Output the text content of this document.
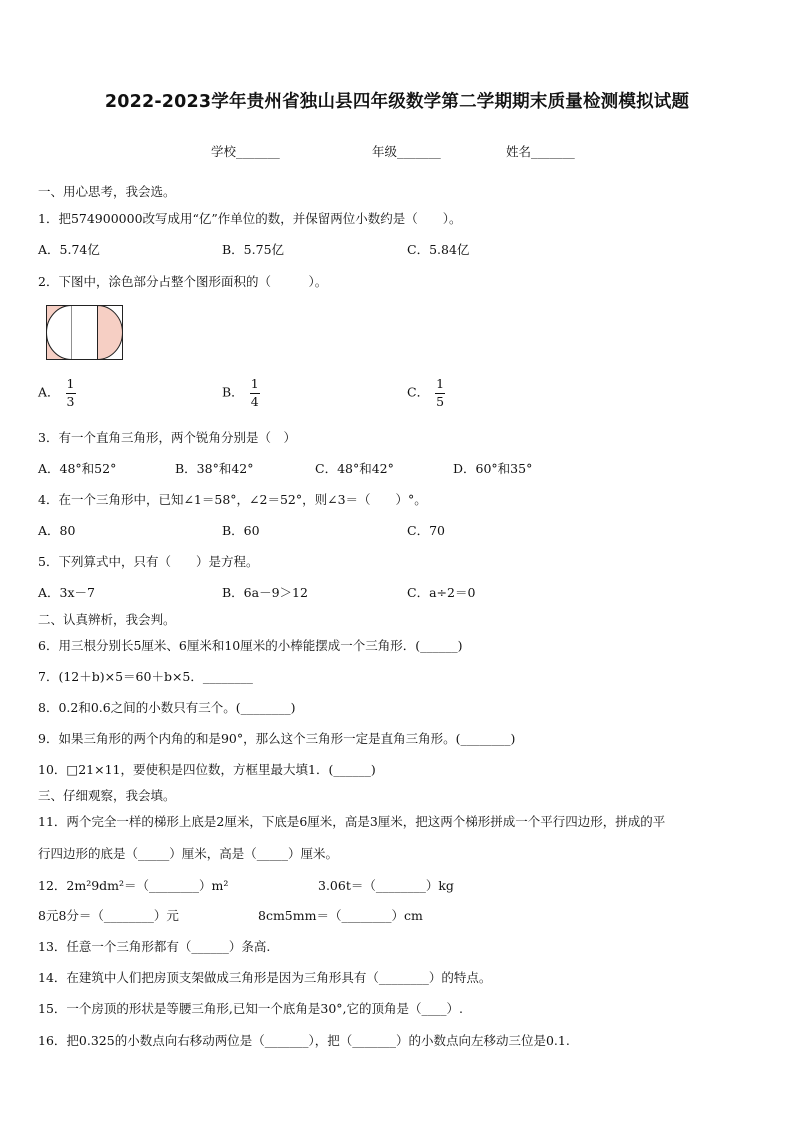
2022-2023学年贵州省独山县四年级数学第二学期期末质量检测模拟试题
学校_______	年级_______	姓名_______
一、用心思考，我会选。
1．把574900000改写成用“亿”作单位的数，并保留两位小数约是（　　）。
A．5.74亿	B．5.75亿	C．5.84亿
2．下图中，涂色部分占整个图形面积的（　　　）。
A． $\frac{1}{3}$	B． $\frac{1}{4}$	C． $\frac{1}{5}$
3．有一个直角三角形，两个锐角分别是（　）
A．48°和52°	B．38°和42°	C．48°和42°	D．60°和35°
4．在一个三角形中，已知∠1＝58°，∠2＝52°，则∠3＝（　　）°。
A．80	B．60	C．70
5．下列算式中，只有（　　）是方程。
A．3x－7	B．6a－9＞12	C．a÷2＝0
二、认真辨析，我会判。
6．用三根分别长5厘米、6厘米和10厘米的小棒能摆成一个三角形．(______)
7．(12＋b)×5＝60＋b×5．________
8．0.2和0.6之间的小数只有三个。(________)
9．如果三角形的两个内角的和是90°，那么这个三角形一定是直角三角形。(________)
10．□21×11，要使积是四位数，方框里最大填1．(______)
三、仔细观察，我会填。
11．两个完全一样的梯形上底是2厘米，下底是6厘米，高是3厘米，把这两个梯形拼成一个平行四边形，拼成的平
行四边形的底是（_____）厘米，高是（_____）厘米。
12．2m²9dm²＝（________）m²	3.06t＝（________）kg
8元8分＝（________）元	8cm5mm＝（________）cm
13．任意一个三角形都有（______）条高.
14．在建筑中人们把房顶支架做成三角形是因为三角形具有（________）的特点。
15．一个房顶的形状是等腰三角形,已知一个底角是30°,它的顶角是（____）.
16．把0.325的小数点向右移动两位是（_______），把（_______）的小数点向左移动三位是0.1.
